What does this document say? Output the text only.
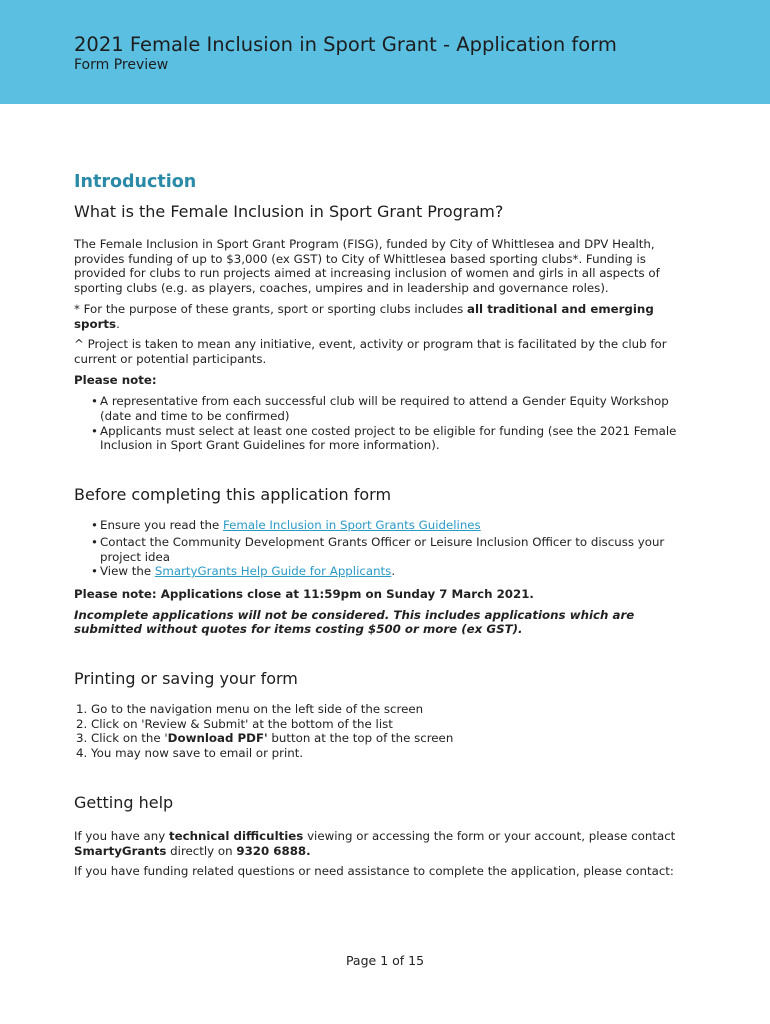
2021 Female Inclusion in Sport Grant - Application form
Form Preview
Introduction
What is the Female Inclusion in Sport Grant Program?

The Female Inclusion in Sport Grant Program (FISG), funded by City of Whittlesea and DPV Health, provides funding of up to $3,000 (ex GST) to City of Whittlesea based sporting clubs*. Funding is provided for clubs to run projects aimed at increasing inclusion of women and girls in all aspects of sporting clubs (e.g. as players, coaches, umpires and in leadership and governance roles).

* For the purpose of these grants, sport or sporting clubs includes all traditional and emerging sports.

^ Project is taken to mean any initiative, event, activity or program that is facilitated by the club for current or potential participants.

Please note:

• A representative from each successful club will be required to attend a Gender Equity Workshop (date and time to be confirmed)
• Applicants must select at least one costed project to be eligible for funding (see the 2021 Female Inclusion in Sport Grant Guidelines for more information).
Before completing this application form
• Ensure you read the Female Inclusion in Sport Grants Guidelines
• Contact the Community Development Grants Officer or Leisure Inclusion Officer to discuss your project idea
• View the SmartyGrants Help Guide for Applicants.

Please note: Applications close at 11:59pm on Sunday 7 March 2021.

Incomplete applications will not be considered. This includes applications which are submitted without quotes for items costing $500 or more (ex GST).

Printing or saving your form
1. Go to the navigation menu on the left side of the screen
2. Click on 'Review & Submit' at the bottom of the list
3. Click on the 'Download PDF' button at the top of the screen
4. You may now save to email or print.
Getting help

If you have any technical difficulties viewing or accessing the form or your account, please contact SmartyGrants directly on 9320 6888.

If you have funding related questions or need assistance to complete the application, please contact:

Page 1 of 15
